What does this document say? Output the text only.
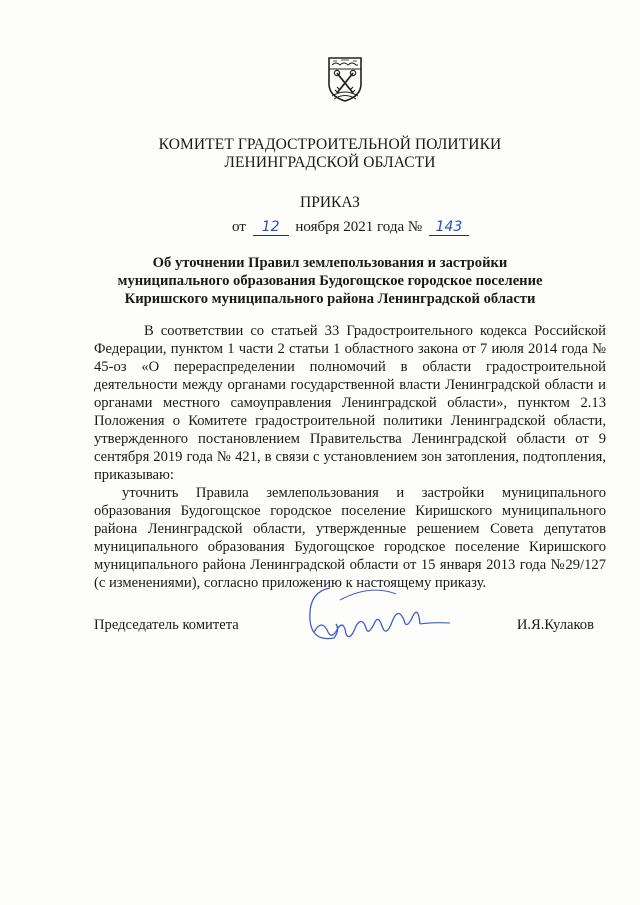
КОМИТЕТ ГРАДОСТРОИТЕЛЬНОЙ ПОЛИТИКИ
ЛЕНИНГРАДСКОЙ ОБЛАСТИ
ПРИКАЗ
от 12 ноября 2021 года № 143
Об уточнении Правил землепользования и застройки
муниципального образования Будогощское городское поселение
Киришского муниципального района Ленинградской области

В соответствии со статьей 33 Градостроительного кодекса Российской Федерации, пунктом 1 части 2 статьи 1 областного закона от 7 июля 2014 года № 45-оз «О перераспределении полномочий в области градостроительной деятельности между органами государственной власти Ленинградской области и органами местного самоуправления Ленинградской области», пунктом 2.13 Положения о Комитете градостроительной политики Ленинградской области, утвержденного постановлением Правительства Ленинградской области от 9 сентября 2019 года № 421, в связи с установлением зон затопления, подтопления, приказываю:

уточнить Правила землепользования и застройки муниципального образования Будогощское городское поселение Киришского муниципального района Ленинградской области, утвержденные решением Совета депутатов муниципального образования Будогощское городское поселение Киришского муниципального района Ленинградской области от 15 января 2013 года №29/127 (с изменениями), согласно приложению к настоящему приказу.

Председатель комитета	И.Я.Кулаков
